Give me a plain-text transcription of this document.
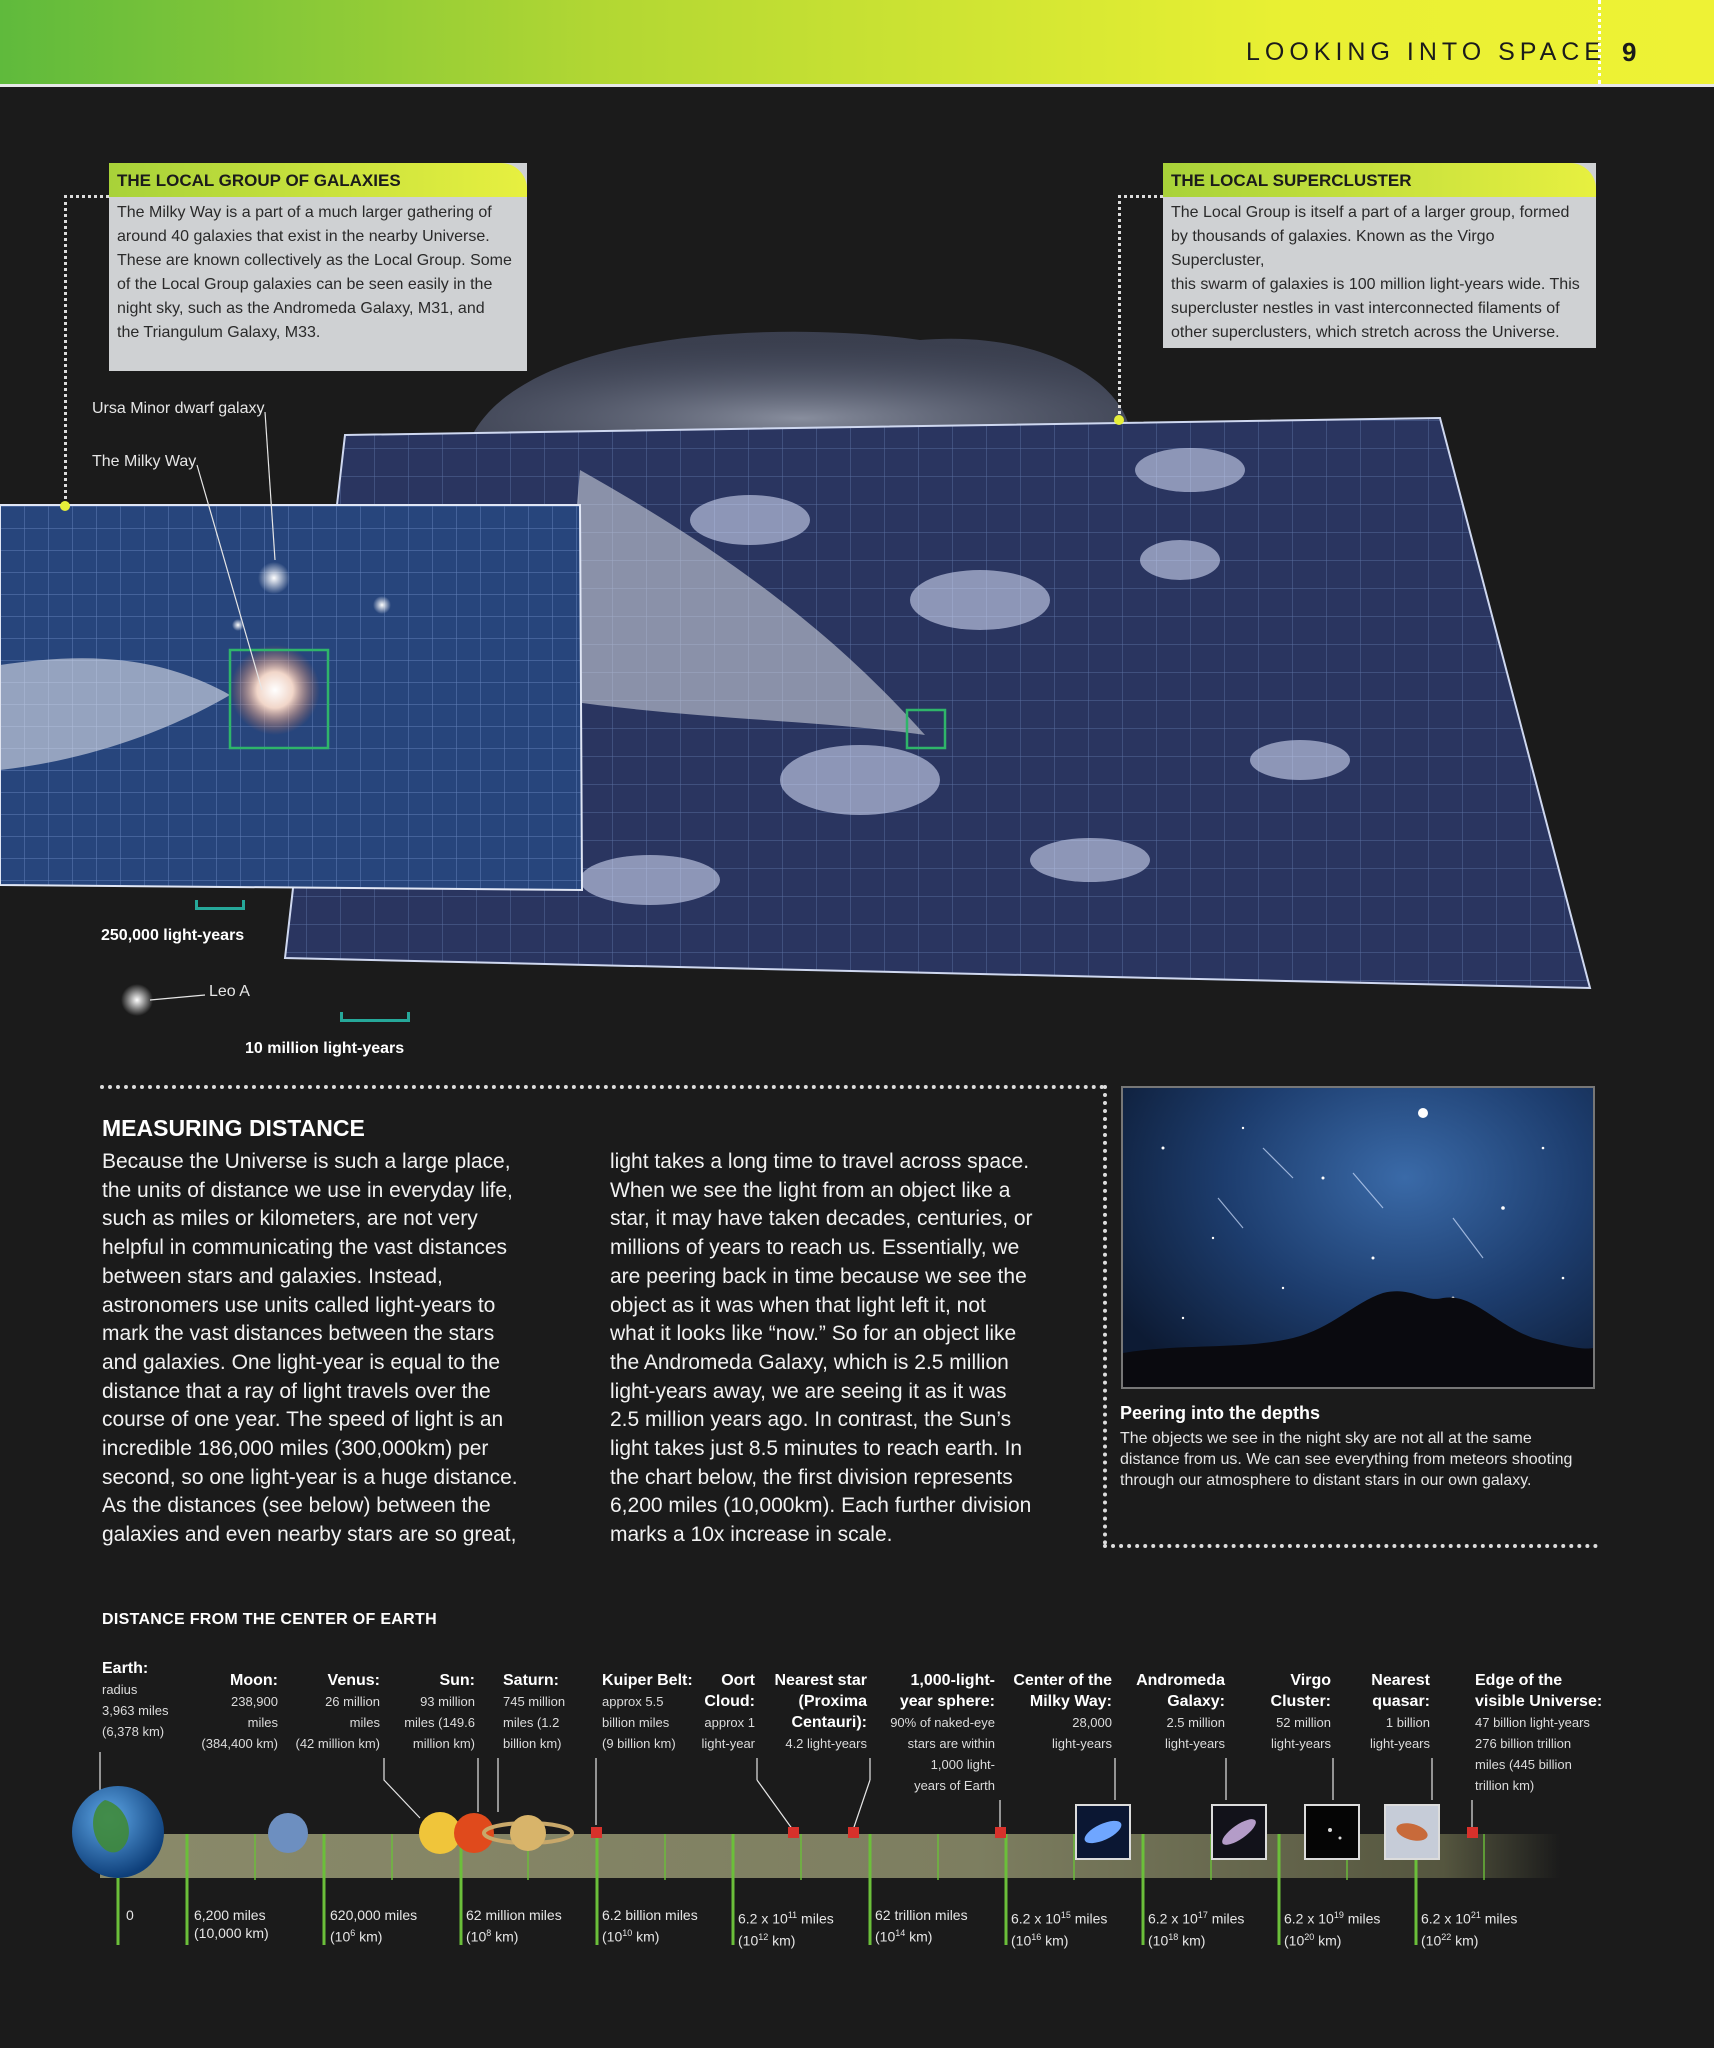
LOOKING INTO SPACE 9
THE LOCAL GROUP OF GALAXIES
The Milky Way is a part of a much larger gathering of
around 40 galaxies that exist in the nearby Universe.
These are known collectively as the Local Group. Some
of the Local Group galaxies can be seen easily in the
night sky, such as the Andromeda Galaxy, M31, and
the Triangulum Galaxy, M33.
THE LOCAL SUPERCLUSTER
The Local Group is itself a part of a larger group, formed
by thousands of galaxies. Known as the Virgo Supercluster,
this swarm of galaxies is 100 million light-years wide. This
supercluster nestles in vast interconnected filaments of
other superclusters, which stretch across the Universe.
Ursa Minor dwarf galaxy
The Milky Way
250,000 light-years
Leo A
10 million light-years
MEASURING DISTANCE
Because the Universe is such a large place,
the units of distance we use in everyday life,
such as miles or kilometers, are not very
helpful in communicating the vast distances
between stars and galaxies. Instead,
astronomers use units called light-years to
mark the vast distances between the stars
and galaxies. One light-year is equal to the
distance that a ray of light travels over the
course of one year. The speed of light is an
incredible 186,000 miles (300,000km) per
second, so one light-year is a huge distance.
As the distances (see below) between the
galaxies and even nearby stars are so great,
light takes a long time to travel across space.
When we see the light from an object like a
star, it may have taken decades, centuries, or
millions of years to reach us. Essentially, we
are peering back in time because we see the
object as it was when that light left it, not
what it looks like “now.” So for an object like
the Andromeda Galaxy, which is 2.5 million
light-years away, we are seeing it as it was
2.5 million years ago. In contrast, the Sun’s
light takes just 8.5 minutes to reach earth. In
the chart below, the first division represents
6,200 miles (10,000km). Each further division
marks a 10x increase in scale.
Peering into the depths
The objects we see in the night sky are not all at the same
distance from us. We can see everything from meteors shooting
through our atmosphere to distant stars in our own galaxy.
DISTANCE FROM THE CENTER OF EARTH
Earth:
radius
3,963 miles
(6,378 km)
Moon:
238,900
miles
(384,400 km)
Venus:
26 million
miles
(42 million km)
Sun:
93 million
miles (149.6
million km)
Saturn:
745 million
miles (1.2
billion km)
Kuiper Belt:
approx 5.5
billion miles
(9 billion km)
Oort
Cloud:
approx 1
light-year
Nearest star
(Proxima
Centauri):
4.2 light-years
1,000-light-
year sphere:
90% of naked-eye
stars are within
1,000 light-
years of Earth
Center of the
Milky Way:
28,000
light-years
Andromeda
Galaxy:
2.5 million
light-years
Virgo
Cluster:
52 million
light-years
Nearest
quasar:
1 billion
light-years
Edge of the
visible Universe:
47 billion light-years
276 billion trillion
miles (445 billion
trillion km)
0	6,200 miles
(10,000 km)
620,000 miles
($10^6$ km)
62 million miles
($10^8$ km)
6.2 billion miles
($10^{10}$ km)
6.2 x $10^{11}$ miles
($10^{12}$ km)
62 trillion miles
($10^{14}$ km)
6.2 x $10^{15}$ miles
($10^{16}$ km)
6.2 x $10^{17}$ miles
($10^{18}$ km)
6.2 x $10^{19}$ miles
($10^{20}$ km)
6.2 x $10^{21}$ miles
($10^{22}$ km)
